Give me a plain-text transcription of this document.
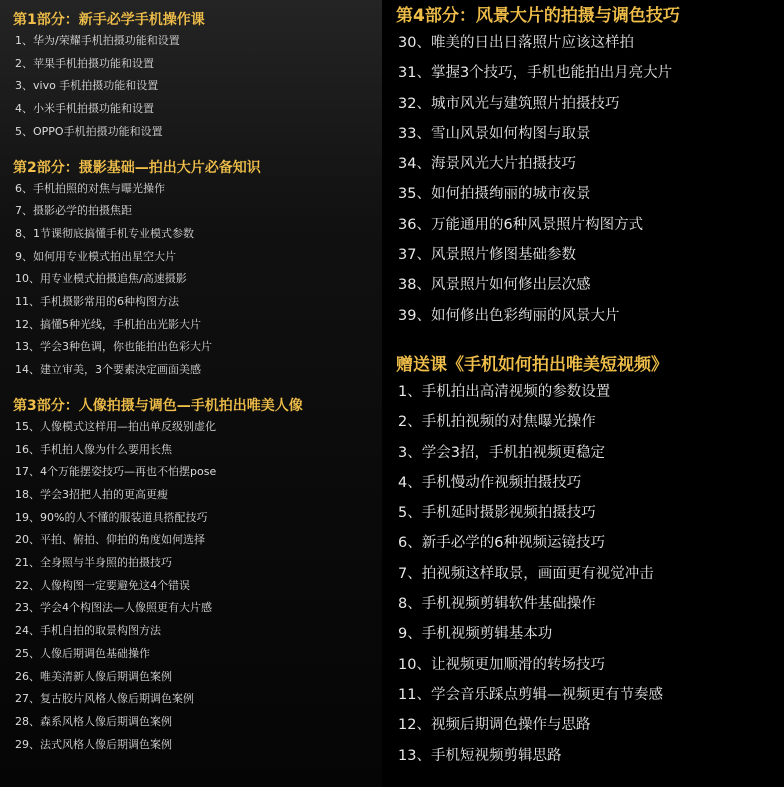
第1部分：新手必学手机操作课
1、华为/荣耀手机拍摄功能和设置
2、苹果手机拍摄功能和设置
3、vivo 手机拍摄功能和设置
4、小米手机拍摄功能和设置
5、OPPO手机拍摄功能和设置
第2部分：摄影基础—拍出大片必备知识
6、手机拍照的对焦与曝光操作
7、摄影必学的拍摄焦距
8、1节课彻底搞懂手机专业模式参数
9、如何用专业模式拍出星空大片
10、用专业模式拍摄追焦/高速摄影
11、手机摄影常用的6种构图方法
12、搞懂5种光线，手机拍出光影大片
13、学会3种色调，你也能拍出色彩大片
14、建立审美，3个要素决定画面美感
第3部分：人像拍摄与调色—手机拍出唯美人像
15、人像模式这样用—拍出单反级别虚化
16、手机拍人像为什么要用长焦
17、4个万能摆姿技巧—再也不怕摆pose
18、学会3招把人拍的更高更瘦
19、90%的人不懂的服装道具搭配技巧
20、平拍、俯拍、仰拍的角度如何选择
21、全身照与半身照的拍摄技巧
22、人像构图一定要避免这4个错误
23、学会4个构图法—人像照更有大片感
24、手机自拍的取景构图方法
25、人像后期调色基础操作
26、唯美清新人像后期调色案例
27、复古胶片风格人像后期调色案例
28、森系风格人像后期调色案例
29、法式风格人像后期调色案例
第4部分：风景大片的拍摄与调色技巧
30、唯美的日出日落照片应该这样拍
31、掌握3个技巧，手机也能拍出月亮大片
32、城市风光与建筑照片拍摄技巧
33、雪山风景如何构图与取景
34、海景风光大片拍摄技巧
35、如何拍摄绚丽的城市夜景
36、万能通用的6种风景照片构图方式
37、风景照片修图基础参数
38、风景照片如何修出层次感
39、如何修出色彩绚丽的风景大片
赠送课《手机如何拍出唯美短视频》
1、手机拍出高清视频的参数设置
2、手机拍视频的对焦曝光操作
3、学会3招，手机拍视频更稳定
4、手机慢动作视频拍摄技巧
5、手机延时摄影视频拍摄技巧
6、新手必学的6种视频运镜技巧
7、拍视频这样取景，画面更有视觉冲击
8、手机视频剪辑软件基础操作
9、手机视频剪辑基本功
10、让视频更加顺滑的转场技巧
11、学会音乐踩点剪辑—视频更有节奏感
12、视频后期调色操作与思路
13、手机短视频剪辑思路
